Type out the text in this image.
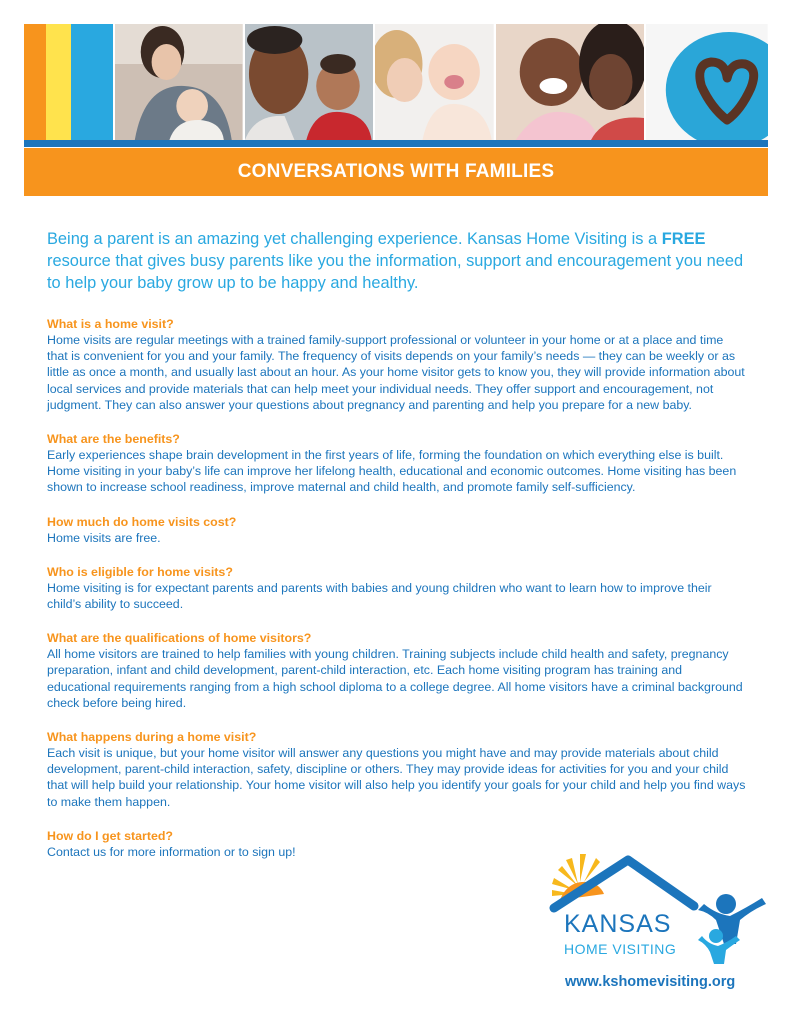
CONVERSATIONS WITH FAMILIES

Being a parent is an amazing yet challenging experience. Kansas Home Visiting is a FREE resource that gives busy parents like you the information, support and encouragement you need to help your baby grow up to be happy and healthy.

What is a home visit?

Home visits are regular meetings with a trained family-support professional or volunteer in your home or at a place and time that is convenient for you and your family. The frequency of visits depends on your family’s needs — they can be weekly or as little as once a month, and usually last about an hour. As your home visitor gets to know you, they will provide information about local services and provide materials that can help meet your individual needs. They offer support and encouragement, not judgment. They can also answer your questions about pregnancy and parenting and help you prepare for a new baby.

What are the benefits?

Early experiences shape brain development in the first years of life, forming the foundation on which everything else is built. Home visiting in your baby’s life can improve her lifelong health, educational and economic outcomes. Home visiting has been shown to increase school readiness, improve maternal and child health, and promote family self-sufficiency.

How much do home visits cost?

Home visits are free.

Who is eligible for home visits?

Home visiting is for expectant parents and parents with babies and young children who want to learn how to improve their child’s ability to succeed.

What are the qualifications of home visitors?

All home visitors are trained to help families with young children. Training subjects include child health and safety, pregnancy preparation, infant and child development, parent-child interaction, etc. Each home visiting program has training and educational requirements ranging from a high school diploma to a college degree. All home visitors have a criminal background check before being hired.

What happens during a home visit?

Each visit is unique, but your home visitor will answer any questions you might have and may provide materials about child development, parent-child interaction, safety, discipline or others. They may provide ideas for activities for you and your child that will help build your relationship. Your home visitor will also help you identify your goals for your child and help you find ways to make them happen.

How do I get started?

Contact us for more information or to sign up!

KANSAS
HOME VISITING
www.kshomevisiting.org
